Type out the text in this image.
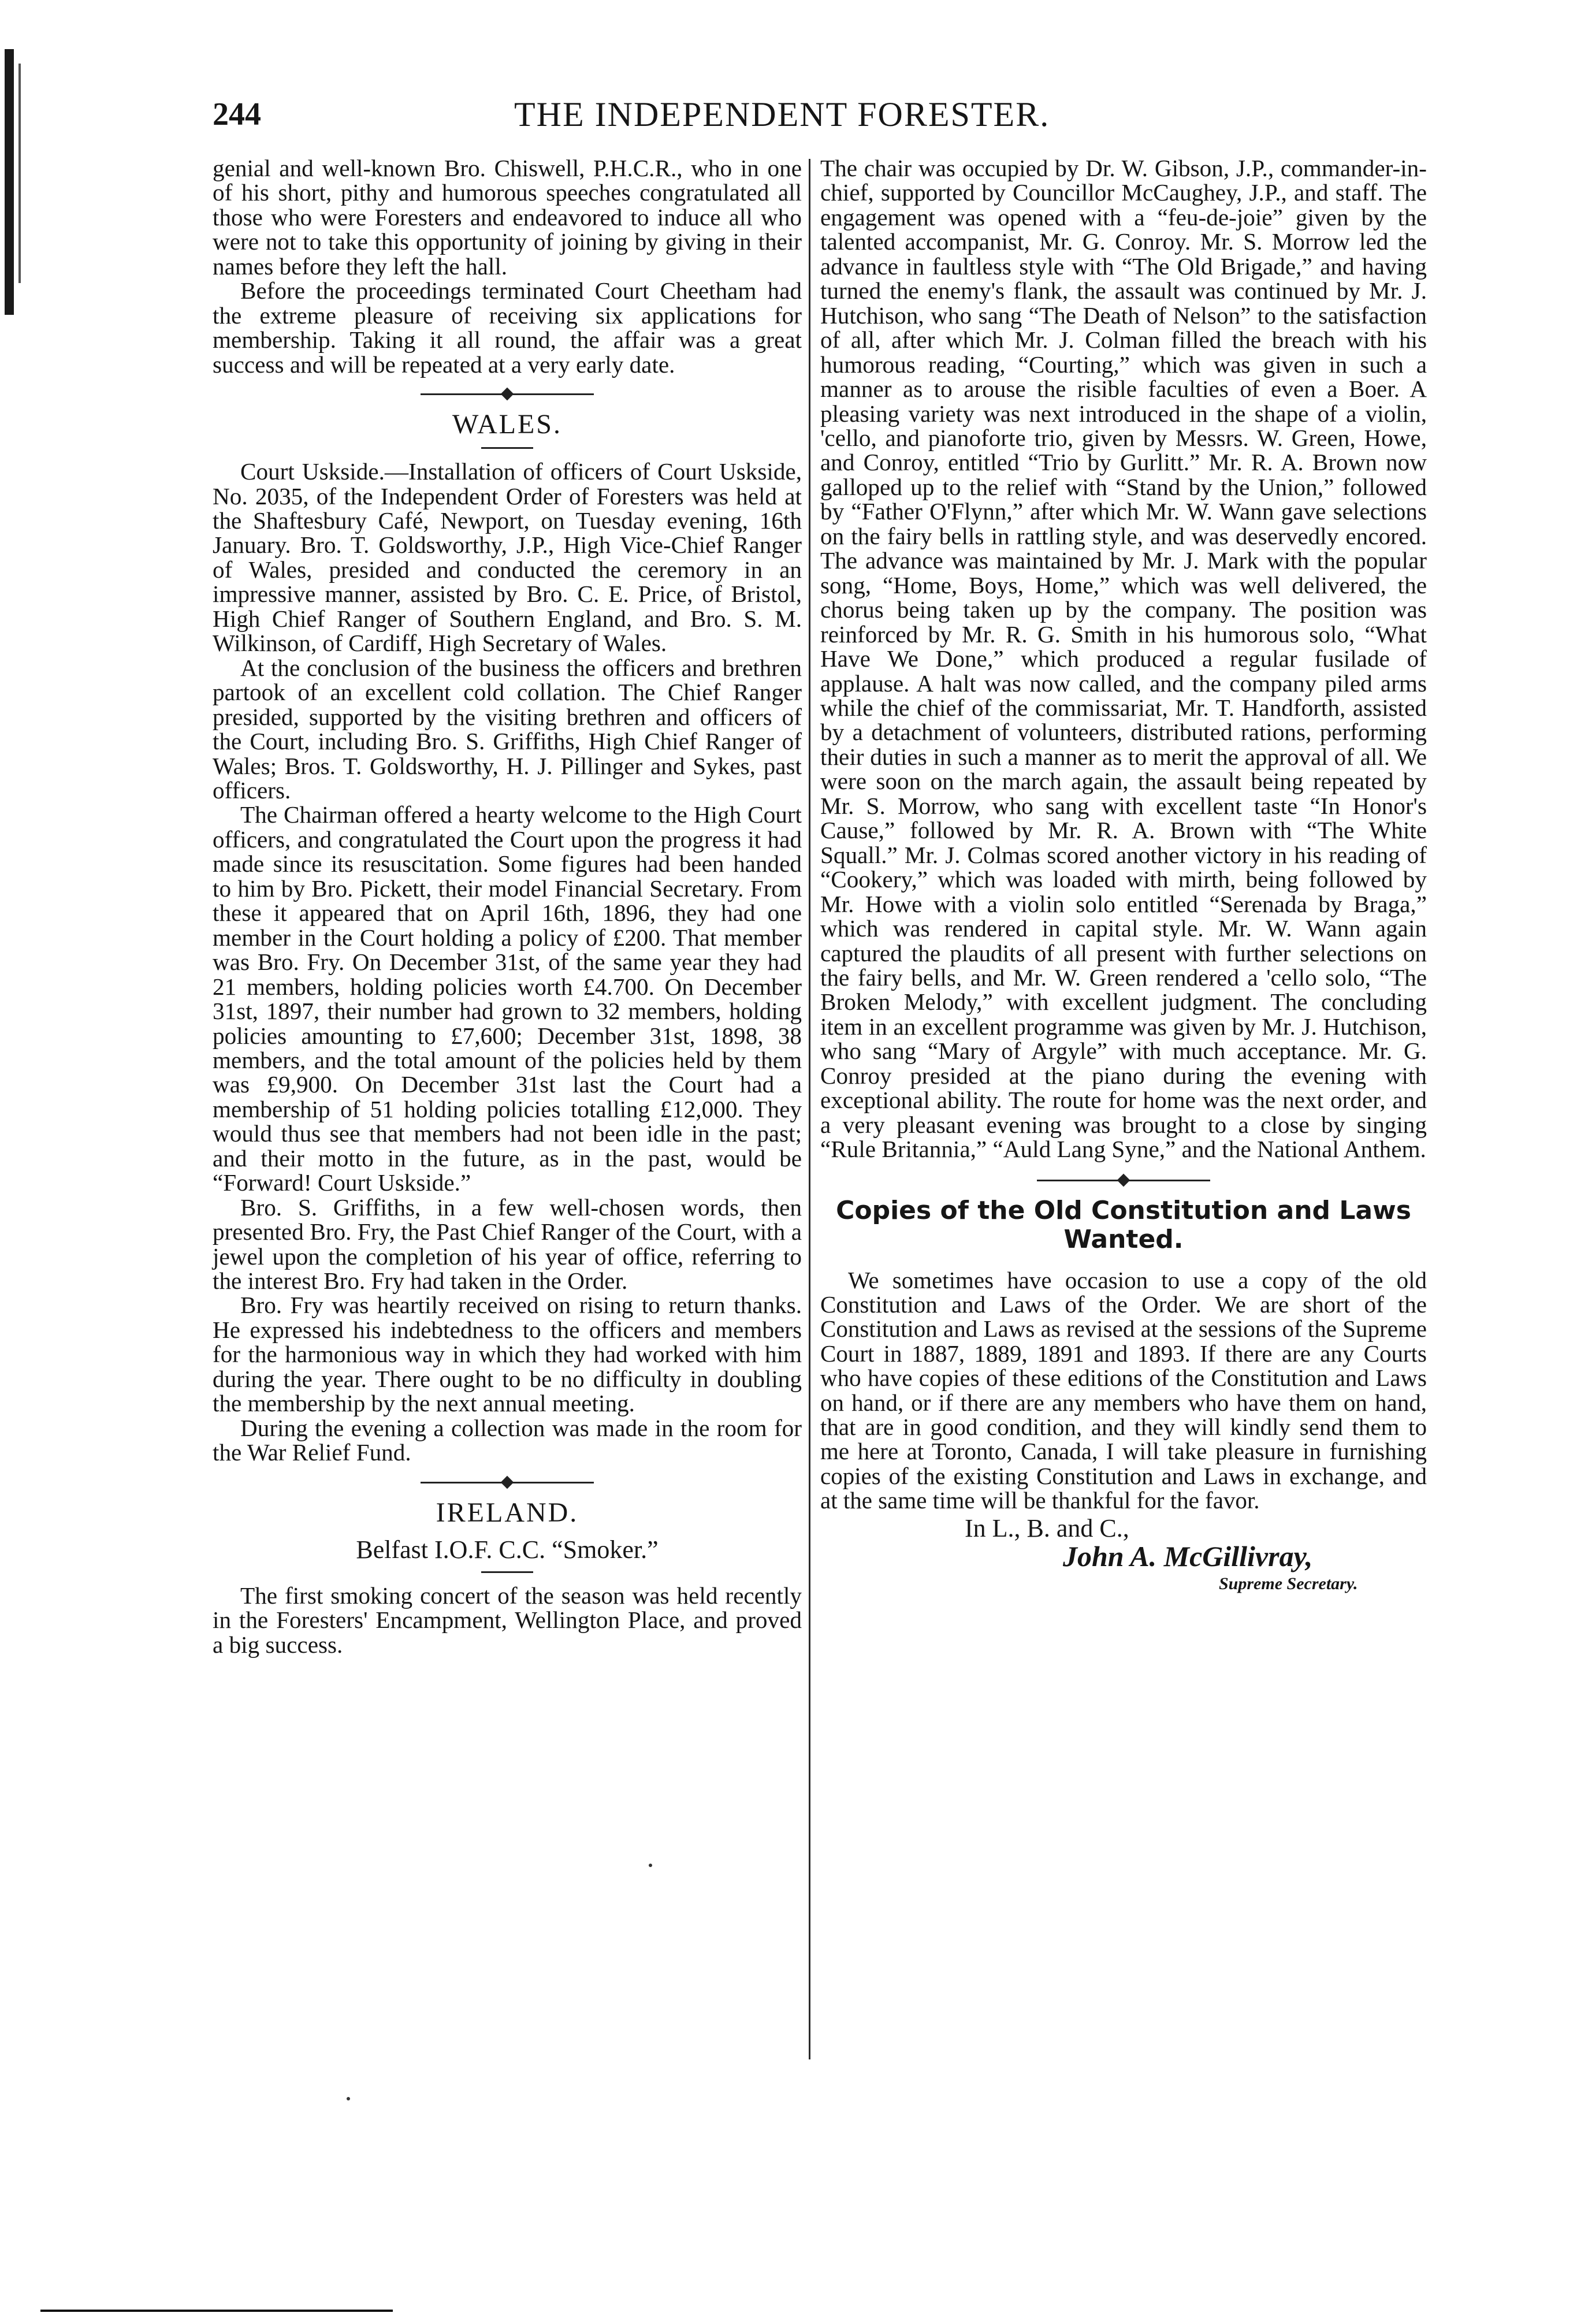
244	THE INDEPENDENT FORESTER.

genial and well-known Bro. Chiswell, P.H.C.R., who in one of his short, pithy and humorous speeches congratulated all those who were Foresters and endeavored to induce all who were not to take this opportunity of joining by giving in their names before they left the hall.

Before the proceedings terminated Court Cheetham had the extreme pleasure of receiving six applications for membership. Taking it all round, the affair was a great success and will be repeated at a very early date.

WALES.

Court Uskside.—Installation of officers of Court Uskside, No. 2035, of the Independent Order of Foresters was held at the Shaftesbury Café, Newport, on Tuesday evening, 16th January. Bro. T. Goldsworthy, J.P., High Vice-Chief Ranger of Wales, presided and conducted the ceremory in an impressive manner, assisted by Bro. C. E. Price, of Bristol, High Chief Ranger of Southern England, and Bro. S. M. Wilkinson, of Cardiff, High Secretary of Wales.

At the conclusion of the business the officers and brethren partook of an excellent cold collation. The Chief Ranger presided, supported by the visiting brethren and officers of the Court, including Bro. S. Griffiths, High Chief Ranger of Wales; Bros. T. Goldsworthy, H. J. Pillinger and Sykes, past officers.

The Chairman offered a hearty welcome to the High Court officers, and congratulated the Court upon the progress it had made since its resuscitation. Some figures had been handed to him by Bro. Pickett, their model Financial Secretary. From these it appeared that on April 16th, 1896, they had one member in the Court holding a policy of £200. That member was Bro. Fry. On December 31st, of the same year they had 21 members, holding policies worth £4.700. On December 31st, 1897, their number had grown to 32 members, holding policies amounting to £7,600; December 31st, 1898, 38 members, and the total amount of the policies held by them was £9,900. On December 31st last the Court had a membership of 51 holding policies totalling £12,000. They would thus see that members had not been idle in the past; and their motto in the future, as in the past, would be “Forward! Court Uskside.”

Bro. S. Griffiths, in a few well-chosen words, then presented Bro. Fry, the Past Chief Ranger of the Court, with a jewel upon the completion of his year of office, referring to the interest Bro. Fry had taken in the Order.

Bro. Fry was heartily received on rising to return thanks. He expressed his indebtedness to the officers and members for the harmonious way in which they had worked with him during the year. There ought to be no difficulty in doubling the membership by the next annual meeting.

During the evening a collection was made in the room for the War Relief Fund.

IRELAND.
Belfast I.O.F. C.C. “Smoker.”

The first smoking concert of the season was held recently in the Foresters' Encampment, Wellington Place, and proved a big success.

The chair was occupied by Dr. W. Gibson, J.P., commander-in-chief, supported by Councillor McCaughey, J.P., and staff. The engagement was opened with a “feu-de-joie” given by the talented accompanist, Mr. G. Conroy. Mr. S. Morrow led the advance in faultless style with “The Old Brigade,” and having turned the enemy's flank, the assault was continued by Mr. J. Hutchison, who sang “The Death of Nelson” to the satisfaction of all, after which Mr. J. Colman filled the breach with his humorous reading, “Courting,” which was given in such a manner as to arouse the risible faculties of even a Boer. A pleasing variety was next introduced in the shape of a violin, 'cello, and pianoforte trio, given by Messrs. W. Green, Howe, and Conroy, entitled “Trio by Gurlitt.” Mr. R. A. Brown now galloped up to the relief with “Stand by the Union,” followed by “Father O'Flynn,” after which Mr. W. Wann gave selections on the fairy bells in rattling style, and was deservedly encored. The advance was maintained by Mr. J. Mark with the popular song, “Home, Boys, Home,” which was well delivered, the chorus being taken up by the company. The position was reinforced by Mr. R. G. Smith in his humorous solo, “What Have We Done,” which produced a regular fusilade of applause. A halt was now called, and the company piled arms while the chief of the commissariat, Mr. T. Handforth, assisted by a detachment of volunteers, distributed rations, performing their duties in such a manner as to merit the approval of all. We were soon on the march again, the assault being repeated by Mr. S. Morrow, who sang with excellent taste “In Honor's Cause,” followed by Mr. R. A. Brown with “The White Squall.” Mr. J. Colmas scored another victory in his reading of “Cookery,” which was loaded with mirth, being followed by Mr. Howe with a violin solo entitled “Serenada by Braga,” which was rendered in capital style. Mr. W. Wann again captured the plaudits of all present with further selections on the fairy bells, and Mr. W. Green rendered a 'cello solo, “The Broken Melody,” with excellent judgment. The concluding item in an excellent programme was given by Mr. J. Hutchison, who sang “Mary of Argyle” with much acceptance. Mr. G. Conroy presided at the piano during the evening with exceptional ability. The route for home was the next order, and a very pleasant evening was brought to a close by singing “Rule Britannia,” “Auld Lang Syne,” and the National Anthem.

Copies of the Old Constitution and Laws Wanted.

We sometimes have occasion to use a copy of the old Constitution and Laws of the Order. We are short of the Constitution and Laws as revised at the sessions of the Supreme Court in 1887, 1889, 1891 and 1893. If there are any Courts who have copies of these editions of the Constitution and Laws on hand, or if there are any members who have them on hand, that are in good condition, and they will kindly send them to me here at Toronto, Canada, I will take pleasure in furnishing copies of the existing Constitution and Laws in exchange, and at the same time will be thankful for the favor.

In L., B. and C.,
John A. McGillivray,
Supreme Secretary.
